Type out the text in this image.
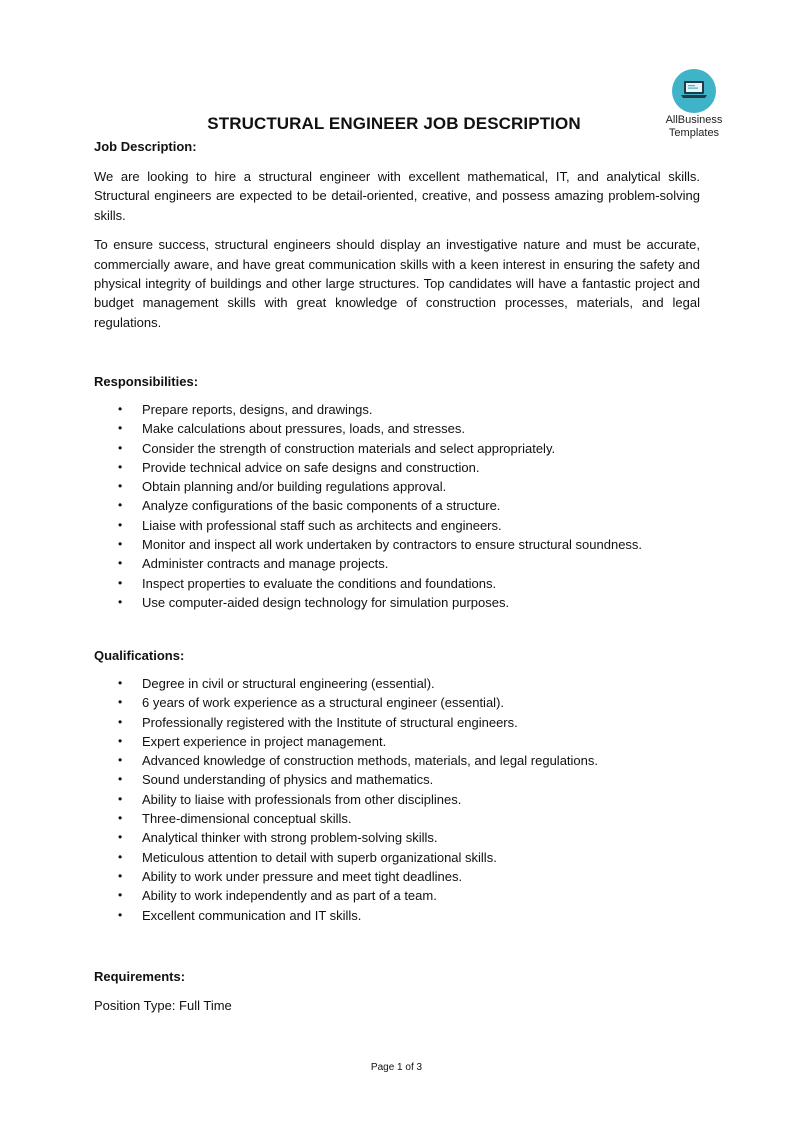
AllBusiness
Templates
STRUCTURAL ENGINEER JOB DESCRIPTION
Job Description:

We are looking to hire a structural engineer with excellent mathematical, IT, and analytical skills. Structural engineers are expected to be detail-oriented, creative, and possess amazing problem-solving skills.

To ensure success, structural engineers should display an investigative nature and must be accurate, commercially aware, and have great communication skills with a keen interest in ensuring the safety and physical integrity of buildings and other large structures. Top candidates will have a fantastic project and budget management skills with great knowledge of construction processes, materials, and legal regulations.

Responsibilities:
• Prepare reports, designs, and drawings.
• Make calculations about pressures, loads, and stresses.
• Consider the strength of construction materials and select appropriately.
• Provide technical advice on safe designs and construction.
• Obtain planning and/or building regulations approval.
• Analyze configurations of the basic components of a structure.
• Liaise with professional staff such as architects and engineers.
• Monitor and inspect all work undertaken by contractors to ensure structural soundness.
• Administer contracts and manage projects.
• Inspect properties to evaluate the conditions and foundations.
• Use computer-aided design technology for simulation purposes.
Qualifications:
• Degree in civil or structural engineering (essential).
• 6 years of work experience as a structural engineer (essential).
• Professionally registered with the Institute of structural engineers.
• Expert experience in project management.
• Advanced knowledge of construction methods, materials, and legal regulations.
• Sound understanding of physics and mathematics.
• Ability to liaise with professionals from other disciplines.
• Three-dimensional conceptual skills.
• Analytical thinker with strong problem-solving skills.
• Meticulous attention to detail with superb organizational skills.
• Ability to work under pressure and meet tight deadlines.
• Ability to work independently and as part of a team.
• Excellent communication and IT skills.
Requirements:
Position Type: Full Time
Page 1 of 3
